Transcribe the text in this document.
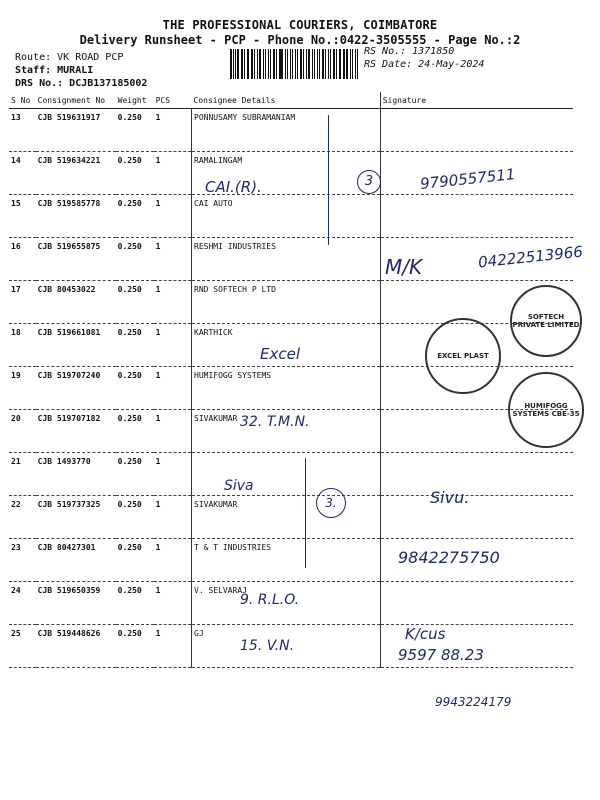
THE PROFESSIONAL COURIERS, COIMBATORE
Delivery Runsheet - PCP - Phone No.:0422-3505555 - Page No.:2
Route: VK ROAD PCP
Staff: MURALI
DRS No.: DCJB137185002
RS No.: 1371850
RS Date: 24-May-2024
S No	Consignment No	Weight	PCS	Consignee Details	Signature
13	CJB 519631917	0.250	1	PONNUSAMY SUBRAMANIAM	
14	CJB 519634221	0.250	1	RAMALINGAM	
15	CJB 519585778	0.250	1	CAI AUTO	
16	CJB 519655875	0.250	1	RESHMI INDUSTRIES	
17	CJB 80453022	0.250	1	RND SOFTECH P LTD	
18	CJB 519661081	0.250	1	KARTHICK	
19	CJB 519707240	0.250	1	HUMIFOGG SYSTEMS	
20	CJB 519707182	0.250	1	SIVAKUMAR	
21	CJB 1493770	0.250	1		
22	CJB 519737325	0.250	1	SIVAKUMAR	
23	CJB 80427301	0.250	1	T & T INDUSTRIES	
24	CJB 519650359	0.250	1	V. SELVARAJ	
25	CJB 519448626	0.250	1	GJ	
CAI.(R).	3	9790557511
M/K	04222513966
Excel
32. T.M.N.
Siva
3.	Sivu.
9842275750
9. R.L.O.
15. V.N.
K/cus
9597 88.23
9943224179
SOFTECH PRIVATE LIMITED
EXCEL PLAST
HUMIFOGG SYSTEMS CBE-35
